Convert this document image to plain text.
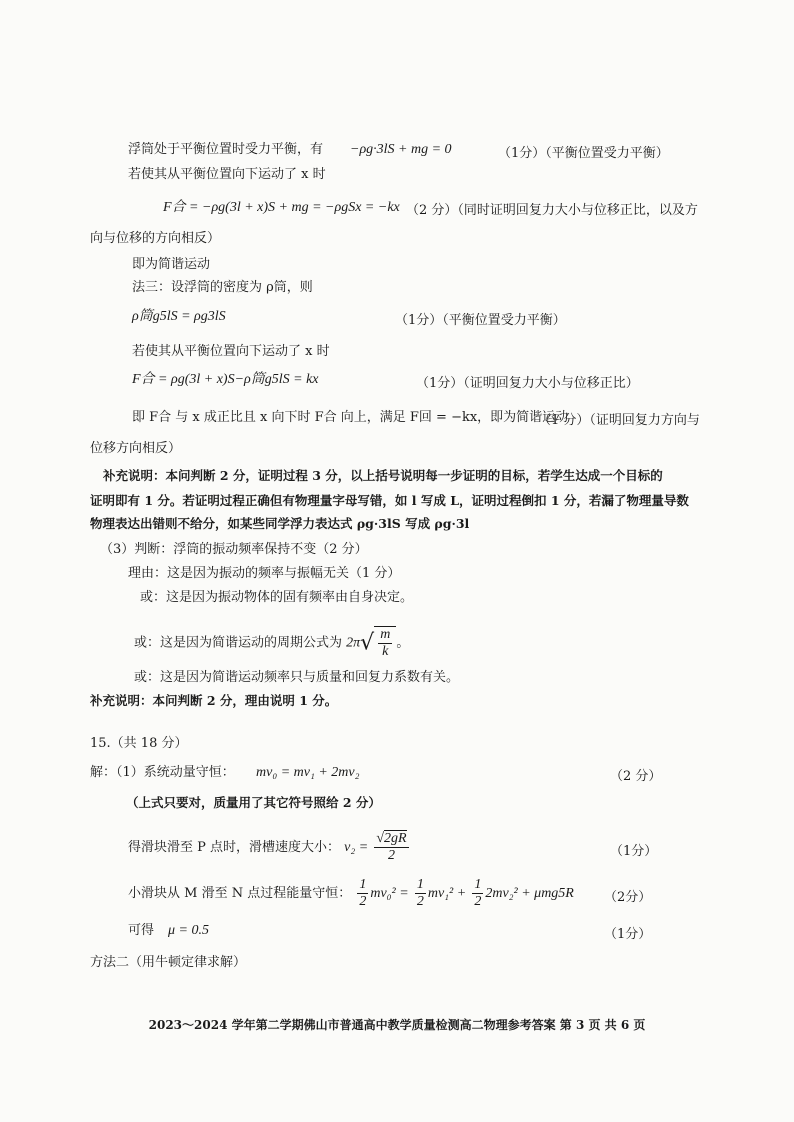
浮筒处于平衡位置时受力平衡，有 −ρg·3lS + mg = 0	（1分）（平衡位置受力平衡）
若使其从平衡位置向下运动了 x 时
F合 = −ρg(3l + x)S + mg = −ρgSx = −kx （2 分）（同时证明回复力大小与位移正比，以及方
向与位移的方向相反）
即为简谐运动
法三：设浮筒的密度为 ρ筒，则
ρ筒g5lS = ρg3lS	（1分）（平衡位置受力平衡）
若使其从平衡位置向下运动了 x 时
F合 = ρg(3l + x)S−ρ筒g5lS = kx	（1分）（证明回复力大小与位移正比）
即 F合 与 x 成正比且 x 向下时 F合 向上，满足 F回 = −kx，即为简谐运动
（1 分）（证明回复力方向与
位移方向相反）
补充说明：本问判断 2 分，证明过程 3 分，以上括号说明每一步证明的目标，若学生达成一个目标的
证明即有 1 分。若证明过程正确但有物理量字母写错，如 l 写成 L，证明过程倒扣 1 分，若漏了物理量导数
物理表达出错则不给分，如某些同学浮力表达式 ρg·3lS 写成 ρg·3l
（3）判断：浮筒的振动频率保持不变（2 分）
理由：这是因为振动的频率与振幅无关（1 分）
或：这是因为振动物体的固有频率由自身决定。
或：这是因为简谐运动的周期公式为 $2\pi√ \frac{m}{k}$ 。
或：这是因为简谐运动频率只与质量和回复力系数有关。
补充说明：本问判断 2 分，理由说明 1 分。
15.（共 18 分）
解：（1）系统动量守恒： mv₀ = mv₁ + 2mv₂	（2 分）
（上式只要对，质量用了其它符号照给 2 分）
得滑块滑至 P 点时，滑槽速度大小： $v_2 = \frac{√2gR}{2}$	（1分）
小滑块从 M 滑至 N 点过程能量守恒： $\frac{1}{2} mv_0^2 = \frac{1}{2} mv_1^2 + \frac{1}{2} 2mv_2^2 + \mu mg5R$ （2分）
可得 μ = 0.5	（1分）
方法二（用牛顿定律求解）
2023～2024 学年第二学期佛山市普通高中教学质量检测高二物理参考答案 第 3 页 共 6 页
